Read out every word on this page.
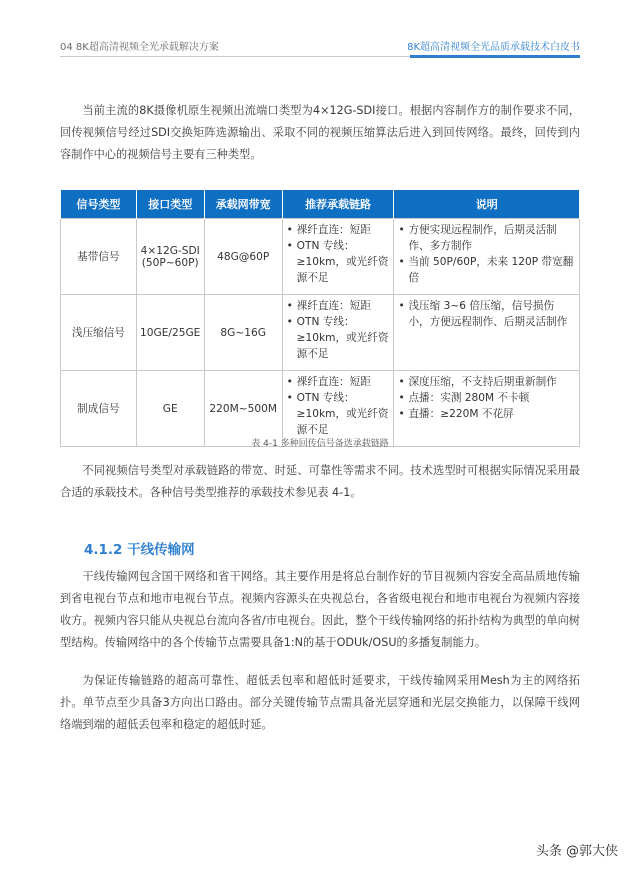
04 8K超高清视频全光承载解决方案	8K超高清视频全光品质承载技术白皮书

当前主流的8K摄像机原生视频出流端口类型为4×12G-SDI接口。根据内容制作方的制作要求不同，回传视频信号经过SDI交换矩阵选源输出、采取不同的视频压缩算法后进入到回传网络。最终，回传到内容制作中心的视频信号主要有三种类型。

信号类型	接口类型	承载网带宽	推荐承载链路	说明
基带信号	4×12G-SDI (50P~60P)	48G@60P	• 裸纤直连：短距
• OTN 专线：≥10km，或光纤资源不足	• 方便实现远程制作，后期灵活制作、多方制作
• 当前 50P/60P，未来 120P 带宽翻倍

浅压缩信号	10GE/25GE	8G~16G	• 裸纤直连：短距
• OTN 专线：≥10km，或光纤资源不足	• 浅压缩 3~6 倍压缩，信号损伤小，方便远程制作、后期灵活制作

制成信号	GE	220M~500M	• 裸纤直连：短距
• OTN 专线：≥10km，或光纤资源不足	• 深度压缩，不支持后期重新制作
• 点播：实测 280M 不卡顿
• 直播：≥220M 不花屏
表 4-1 多种回传信号备选承载链路

不同视频信号类型对承载链路的带宽、时延、可靠性等需求不同。技术选型时可根据实际情况采用最合适的承载技术。各种信号类型推荐的承载技术参见表 4-1。

4.1.2 干线传输网

干线传输网包含国干网络和省干网络。其主要作用是将总台制作好的节目视频内容安全高品质地传输到省电视台节点和地市电视台节点。视频内容源头在央视总台，各省级电视台和地市电视台为视频内容接收方。视频内容只能从央视总台流向各省/市电视台。因此，整个干线传输网络的拓扑结构为典型的单向树型结构。传输网络中的各个传输节点需要具备1:N的基于ODUk/OSU的多播复制能力。

为保证传输链路的超高可靠性、超低丢包率和超低时延要求，干线传输网采用Mesh为主的网络拓扑。单节点至少具备3方向出口路由。部分关键传输节点需具备光层穿通和光层交换能力，以保障干线网络端到端的超低丢包率和稳定的超低时延。

头条 @郭大侠
